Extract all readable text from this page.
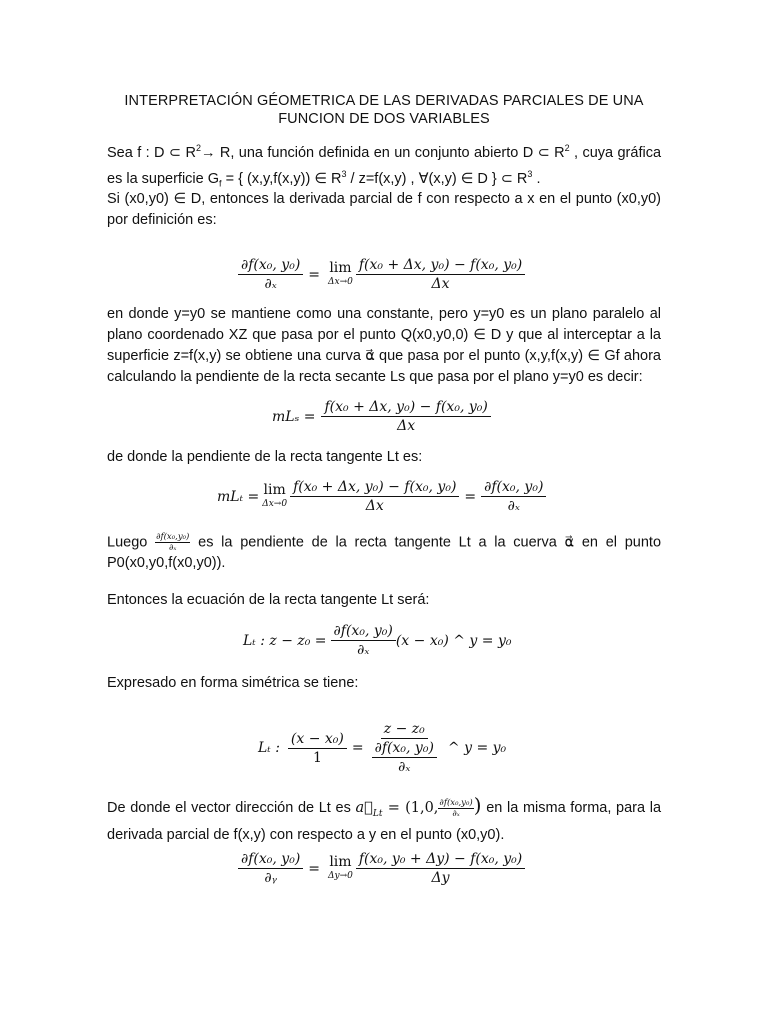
INTERPRETACIÓN GÉOMETRICA DE LAS DERIVADAS PARCIALES DE UNA
FUNCION DE DOS VARIABLES
Sea f : D ⊂ $R^2\to R$, una función definida en un conjunto abierto D ⊂ $R^2$ , cuya gráfica es la superficie $G_f$ = { (x,y,f(x,y)) ∈ $R^3 / z=f(x,y)$ , ∀(x,y) ∈ D } ⊂ $R^3$ .
Si (x0,y0) ∈ D, entonces la derivada parcial de f con respecto a x en el punto (x0,y0) por definición es:
$\frac{\text{∂f(x₀, y₀)}}{\text{∂ₓ}} = \lim$
$\Delta x\to 0 \frac{\text{f(x₀ + Δx, y₀) − f(x₀, y₀)}}{\Delta x}$
en donde y=y0 se mantiene como una constante, pero y=y0 es un plano paralelo al plano coordenado XZ que pasa por el punto Q(x0,y0,0) ∈ D y que al interceptar a la superficie z=f(x,y) se obtiene una curva α⃗ que pasa por el punto (x,y,f(x,y) ∈ Gf ahora calculando la pendiente de la recta secante Ls que pasa por el plano y=y0 es decir:
$mL_s = \frac{\text{f(x₀ + Δx, y₀) − f(x₀, y₀)}}{\Delta x}$
de donde la pendiente de la recta tangente Lt es:
mLₜ = lim
$\Delta x\to 0 \frac{\text{f(x₀ + Δx, y₀) − f(x₀, y₀)}}{\Delta x} = \frac{\text{∂f(x₀, y₀)}}{\text{∂ₓ}}$
Luego $\frac{\text{∂f(x₀,y₀)}}{\text{∂ₓ}}$ es la pendiente de la recta tangente Lt a la cuerva α⃗ en el punto P0(x0,y0,f(x0,y0)).
Entonces la ecuación de la recta tangente Lt será:
Lₜ : $z - z_0 = \frac{\text{∂f(x₀, y₀)}}{\text{∂ₓ}} (x - x_0)$ ^ y = y₀
Expresado en forma simétrica se tiene:
Lₜ : $\frac{\text{(x − x₀)}}{1} = \frac{\text{z − z₀}}{\frac{\text{∂f(x₀, y₀)}}{\text{∂ₓ}}}$ ^ y = y₀
De donde el vector dirección de Lt es $a⃗_{Lt} = (1,0$, $\frac{\text{∂f(x₀,y₀)}}{\text{∂ₓ}}$ ) en la misma forma, para la derivada parcial de f(x,y) con respecto a y en el punto (x0,y0).
$\frac{\text{∂f(x₀, y₀)}}{\text{∂ᵧ}} = \lim$
$\Delta y\to 0 \frac{\text{f(x₀, y₀ + Δy) − f(x₀, y₀)}}{\Delta y}$
